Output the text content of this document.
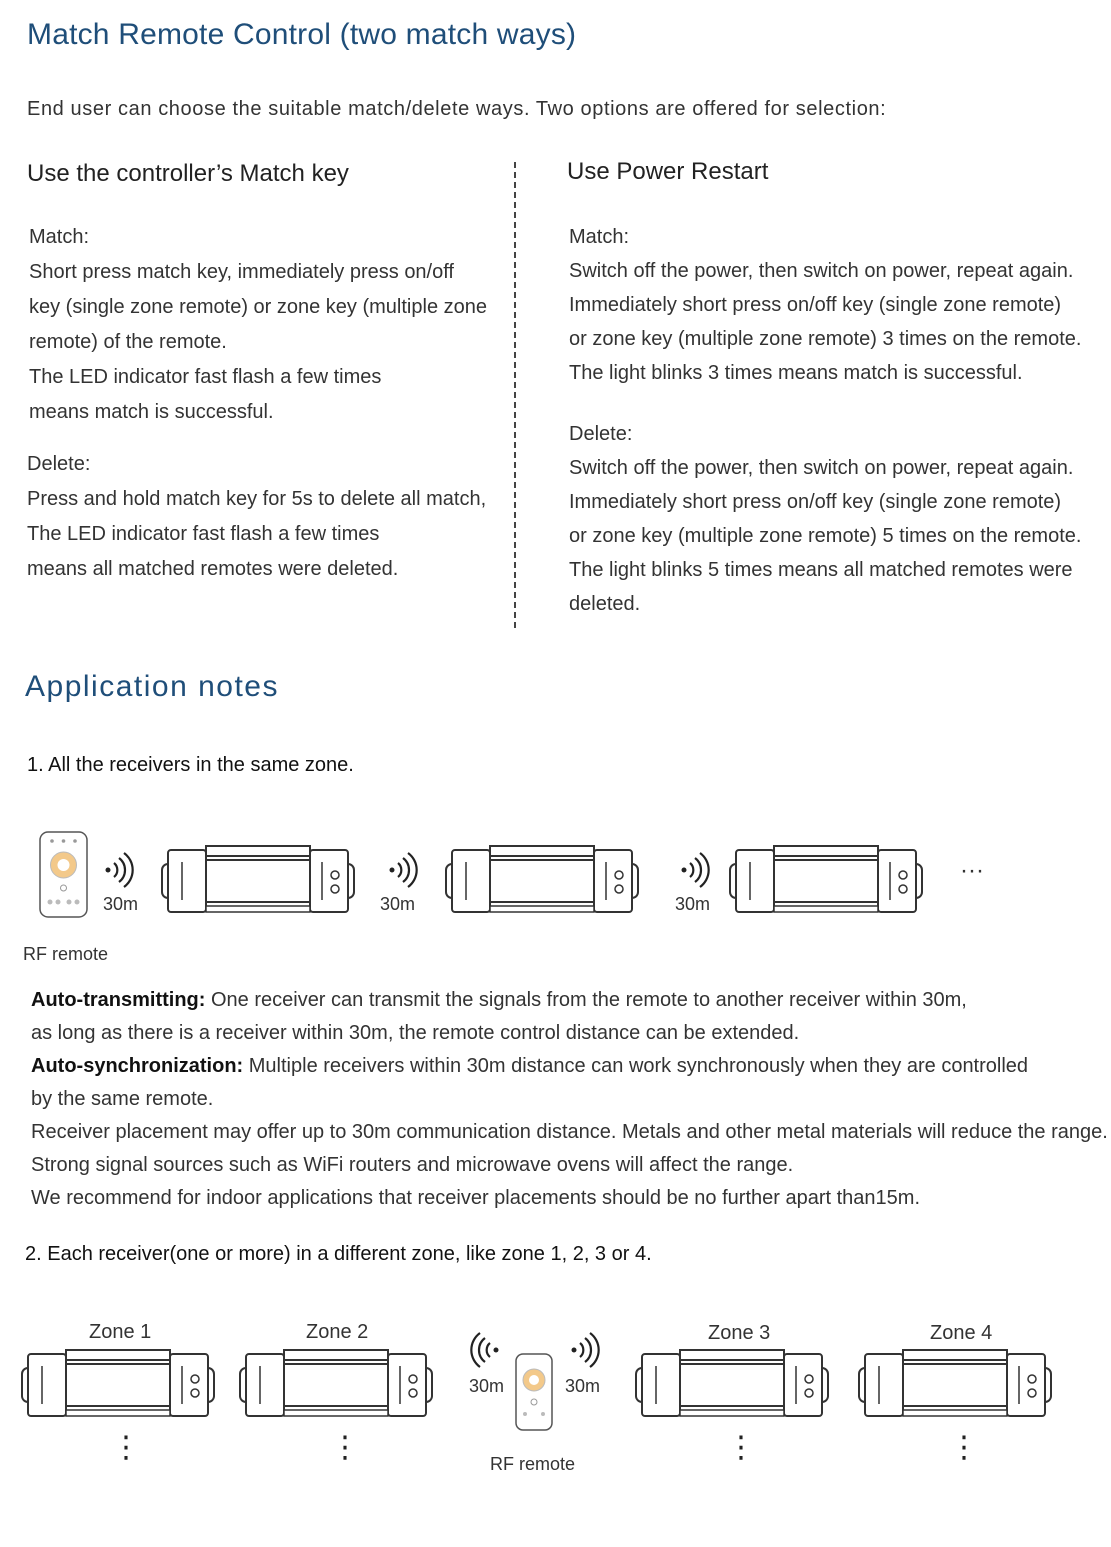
Match Remote Control (two match ways)
End user can choose the suitable match/delete ways. Two options are offered for selection:
Use the controller’s Match key
Match:
Short press match key, immediately press on/off
key (single zone remote) or zone key (multiple zone
remote) of the remote.
The LED indicator fast flash a few times
means match is successful.
Delete:
Press and hold match key for 5s to delete all match,
The LED indicator fast flash a few times
means all matched remotes were deleted.
Use Power Restart
Match:
Switch off the power, then switch on power, repeat again.
Immediately short press on/off key (single zone remote)
or zone key (multiple zone remote) 3 times on the remote.
The light blinks 3 times means match is successful.
Delete:
Switch off the power, then switch on power, repeat again.
Immediately short press on/off key (single zone remote)
or zone key (multiple zone remote) 5 times on the remote.
The light blinks 5 times means all matched remotes were
deleted.
Application notes
1. All the receivers in the same zone.
30m	30m	30m
···
RF remote
Auto-transmitting: One receiver can transmit the signals from the remote to another receiver within 30m,
as long as there is a receiver within 30m, the remote control distance can be extended.
Auto-synchronization: Multiple receivers within 30m distance can work synchronously when they are controlled
by the same remote.
Receiver placement may offer up to 30m communication distance. Metals and other metal materials will reduce the range.
Strong signal sources such as WiFi routers and microwave ovens will affect the range.
We recommend for indoor applications that receiver placements should be no further apart than15m.
2. Each receiver(one or more) in a different zone, like zone 1, 2, 3 or 4.
Zone 1	Zone 2	Zone 3	Zone 4
30m	30m
RF remote
⋮	⋮	⋮	⋮
